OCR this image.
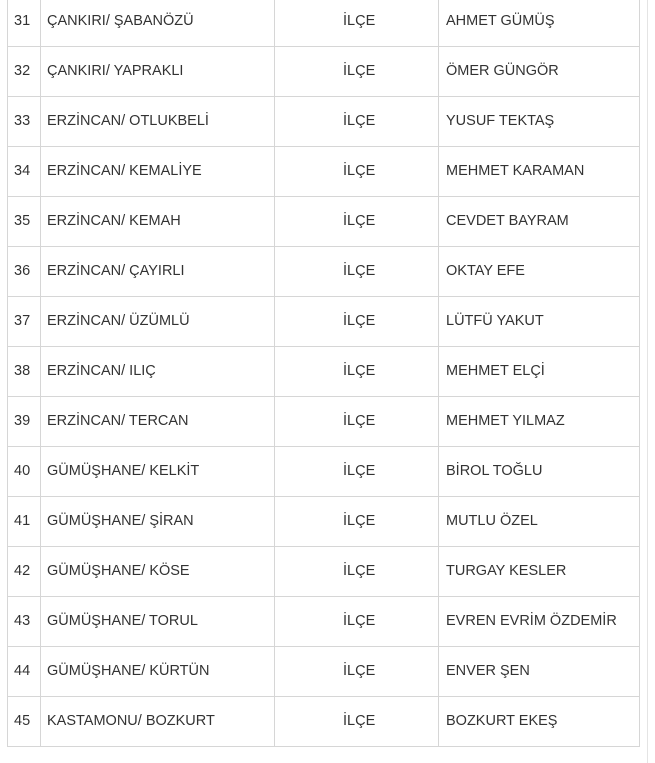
31	ÇANKIRI/ ŞABANÖZÜ	İLÇE	AHMET GÜMÜŞ
32	ÇANKIRI/ YAPRAKLI	İLÇE	ÖMER GÜNGÖR
33	ERZİNCAN/ OTLUKBELİ	İLÇE	YUSUF TEKTAŞ
34	ERZİNCAN/ KEMALİYE	İLÇE	MEHMET KARAMAN
35	ERZİNCAN/ KEMAH	İLÇE	CEVDET BAYRAM
36	ERZİNCAN/ ÇAYIRLI	İLÇE	OKTAY EFE
37	ERZİNCAN/ ÜZÜMLÜ	İLÇE	LÜTFÜ YAKUT
38	ERZİNCAN/ ILIÇ	İLÇE	MEHMET ELÇİ
39	ERZİNCAN/ TERCAN	İLÇE	MEHMET YILMAZ
40	GÜMÜŞHANE/ KELKİT	İLÇE	BİROL TOĞLU
41	GÜMÜŞHANE/ ŞİRAN	İLÇE	MUTLU ÖZEL
42	GÜMÜŞHANE/ KÖSE	İLÇE	TURGAY KESLER
43	GÜMÜŞHANE/ TORUL	İLÇE	EVREN EVRİM ÖZDEMİR
44	GÜMÜŞHANE/ KÜRTÜN	İLÇE	ENVER ŞEN
45	KASTAMONU/ BOZKURT	İLÇE	BOZKURT EKEŞ
